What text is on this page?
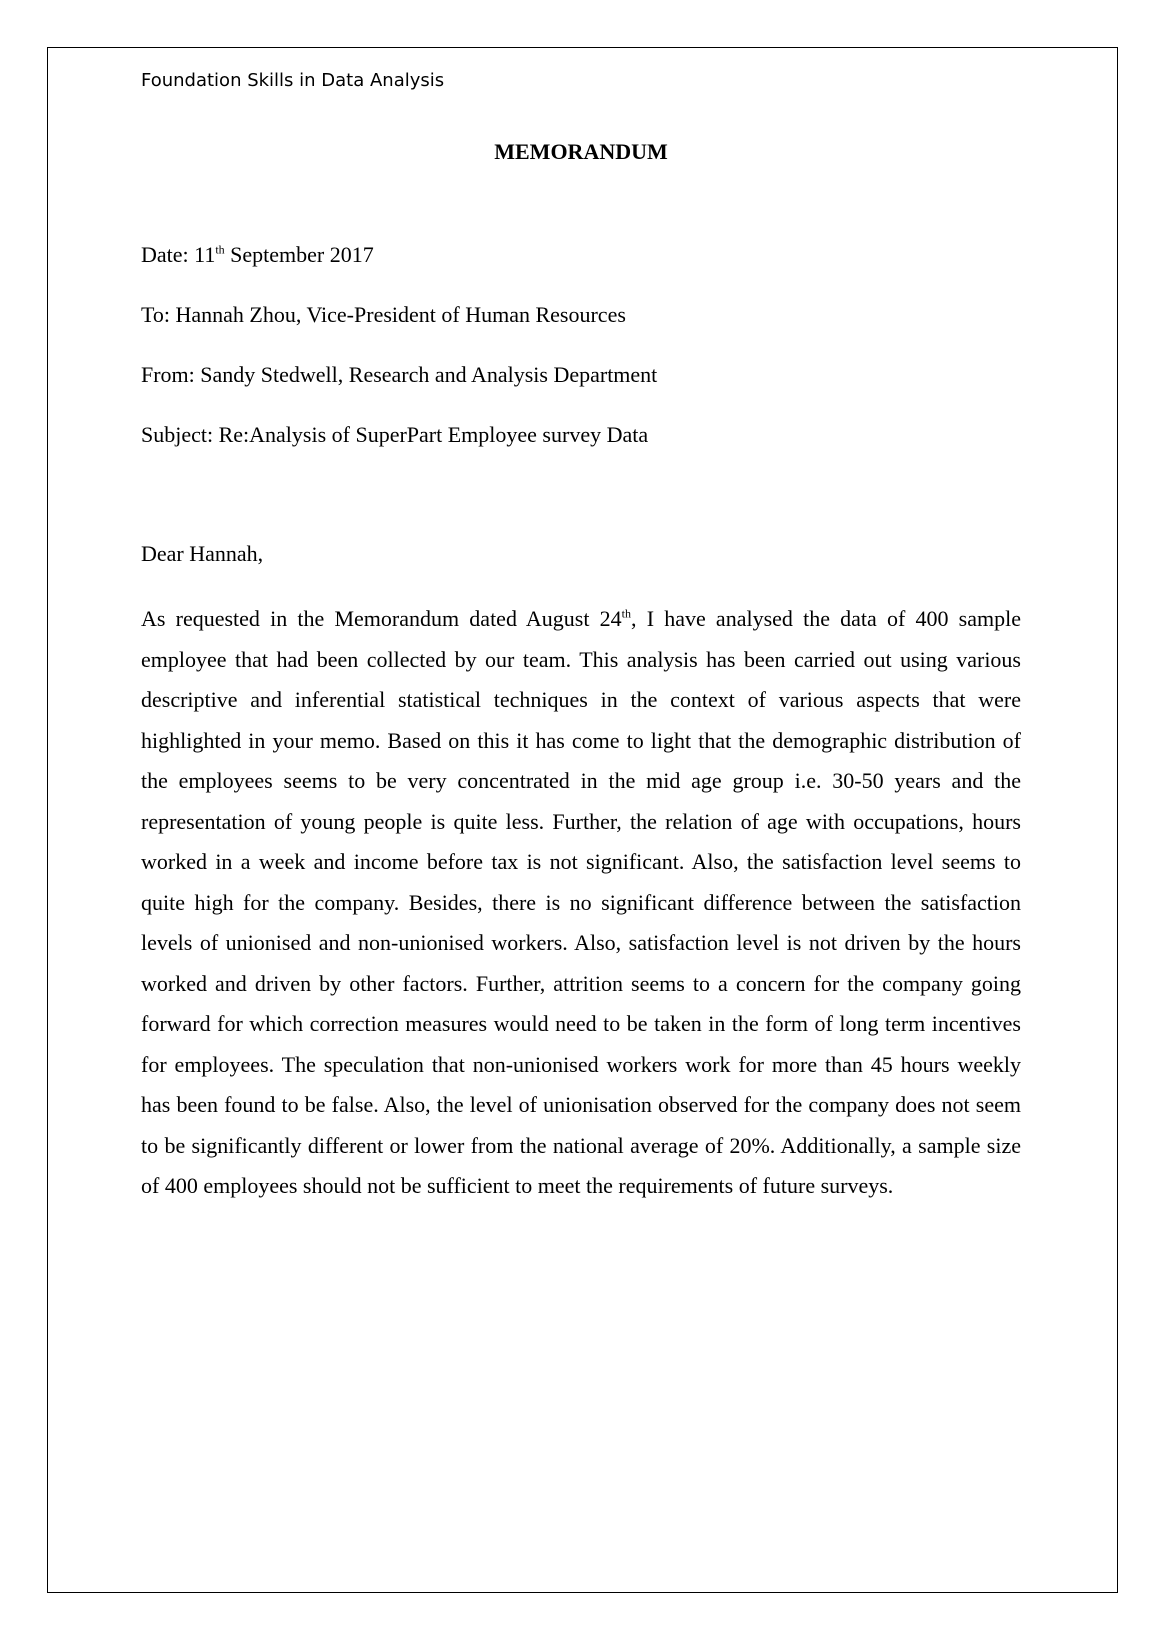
Foundation Skills in Data Analysis
MEMORANDUM
Date: 11th September 2017
To: Hannah Zhou, Vice-President of Human Resources
From: Sandy Stedwell, Research and Analysis Department
Subject: Re:Analysis of SuperPart Employee survey Data
Dear Hannah,

As requested in the Memorandum dated August 24th, I have analysed the data of 400 sample employee that had been collected by our team. This analysis has been carried out using various descriptive and inferential statistical techniques in the context of various aspects that were highlighted in your memo. Based on this it has come to light that the demographic distribution of the employees seems to be very concentrated in the mid age group i.e. 30-50 years and the representation of young people is quite less. Further, the relation of age with occupations, hours worked in a week and income before tax is not significant. Also, the satisfaction level seems to quite high for the company. Besides, there is no significant difference between the satisfaction levels of unionised and non-unionised workers. Also, satisfaction level is not driven by the hours worked and driven by other factors. Further, attrition seems to a concern for the company going forward for which correction measures would need to be taken in the form of long term incentives for employees. The speculation that non-unionised workers work for more than 45 hours weekly has been found to be false. Also, the level of unionisation observed for the company does not seem to be significantly different or lower from the national average of 20%. Additionally, a sample size of 400 employees should not be sufficient to meet the requirements of future surveys.
